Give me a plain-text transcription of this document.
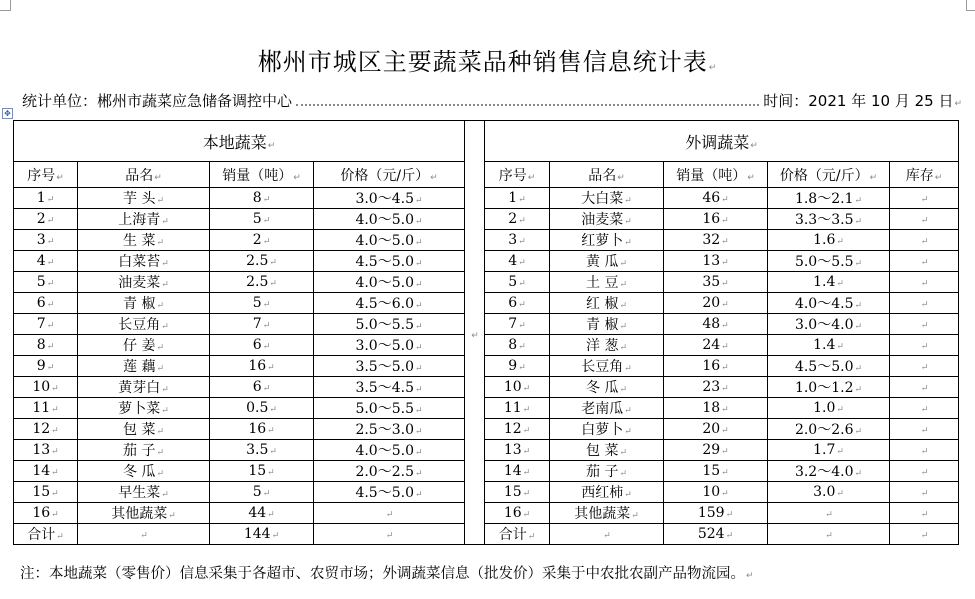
郴州市城区主要蔬菜品种销售信息统计表 ↵
统计单位：郴州市蔬菜应急储备调控中心	时间：2021 年 10 月 25 日 ↵
✥
本地蔬菜 ↵	↵				外调蔬菜 ↵
序号 ↵	品名 ↵	销量（吨） ↵	价格（元/斤） ↵		序号 ↵	品名 ↵	销量（吨） ↵	价格（元/斤） ↵	库存 ↵
1 ↵	芋 头 ↵	8 ↵	3.0～4.5 ↵		1 ↵	大白菜 ↵	46 ↵	1.8～2.1 ↵	↵
2 ↵	上海青 ↵	5 ↵	4.0～5.0 ↵		2 ↵	油麦菜 ↵	16 ↵	3.3～3.5 ↵	↵
3 ↵	生 菜 ↵	2 ↵	4.0～5.0 ↵		3 ↵	红萝卜 ↵	32 ↵	1.6 ↵	↵
4 ↵	白菜苔 ↵	2.5 ↵	4.5～5.0 ↵		4 ↵	黄 瓜 ↵	13 ↵	5.0～5.5 ↵	↵
5 ↵	油麦菜 ↵	2.5 ↵	4.0～5.0 ↵		5 ↵	土 豆 ↵	35 ↵	1.4 ↵	↵
6 ↵	青 椒 ↵	5 ↵	4.5～6.0 ↵		6 ↵	红 椒 ↵	20 ↵	4.0～4.5 ↵	↵
7 ↵	长豆角 ↵	7 ↵	5.0～5.5 ↵		7 ↵	青 椒 ↵	48 ↵	3.0～4.0 ↵	↵
8 ↵	仔 姜 ↵	6 ↵	3.0～5.0 ↵		8 ↵	洋 葱 ↵	24 ↵	1.4 ↵	↵
9 ↵	莲 藕 ↵	16 ↵	3.5～5.0 ↵		9 ↵	长豆角 ↵	16 ↵	4.5～5.0 ↵	↵
10 ↵	黄芽白 ↵	6 ↵	3.5～4.5 ↵		10 ↵	冬 瓜 ↵	23 ↵	1.0～1.2 ↵	↵
11 ↵	萝卜菜 ↵	0.5 ↵	5.0～5.5 ↵		11 ↵	老南瓜 ↵	18 ↵	1.0 ↵	↵
12 ↵	包 菜 ↵	16 ↵	2.5～3.0 ↵		12 ↵	白萝卜 ↵	20 ↵	2.0～2.6 ↵	↵
13 ↵	茄 子 ↵	3.5 ↵	4.0～5.0 ↵		13 ↵	包 菜 ↵	29 ↵	1.7 ↵	↵
14 ↵	冬 瓜 ↵	15 ↵	2.0～2.5 ↵		14 ↵	茄 子 ↵	15 ↵	3.2～4.0 ↵	↵
15 ↵	早生菜 ↵	5 ↵	4.5～5.0 ↵		15 ↵	西红柿 ↵	10 ↵	3.0 ↵	↵
16 ↵	其他蔬菜 ↵	44 ↵	↵		16 ↵	其他蔬菜 ↵	159 ↵	↵	↵
合计 ↵	↵	144 ↵	↵		合计 ↵	↵	524 ↵	↵	↵
注：本地蔬菜（零售价）信息采集于各超市、农贸市场；外调蔬菜信息（批发价）采集于中农批农副产品物流园。 ↵
